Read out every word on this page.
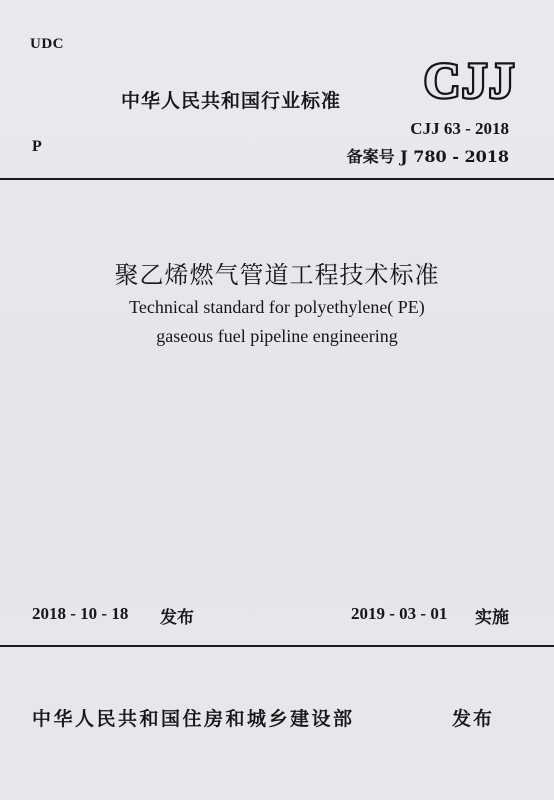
UDC
中华人民共和国行业标准 CJJ
P
CJJ 63 - 2018
备案号 J 780 - 2018
聚乙烯燃气管道工程技术标准
Technical standard for polyethylene( PE)
gaseous fuel pipeline engineering
2018 - 10 - 18 发布	2019 - 03 - 01 实施
中华人民共和国住房和城乡建设部	发布
